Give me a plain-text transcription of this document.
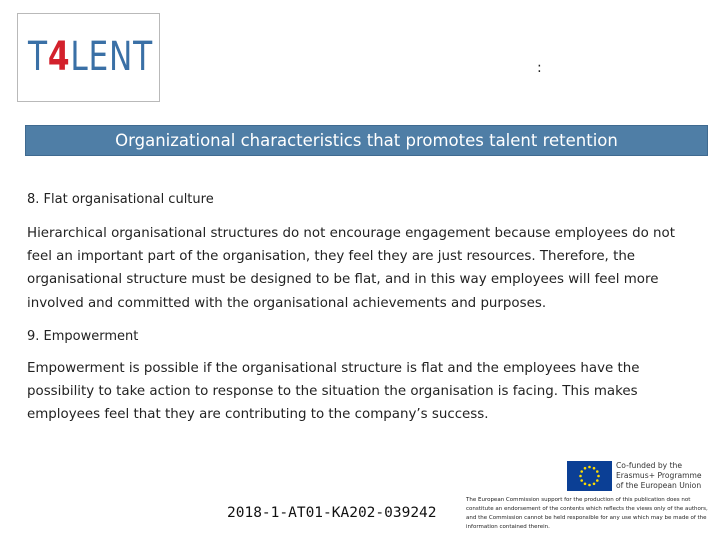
T4LENT	:
Organizational characteristics that promotes talent retention
8. Flat organisational culture
Hierarchical organisational structures do not encourage engagement because employees do not feel an important part of the organisation, they feel they are just resources. Therefore, the organisational structure must be designed to be flat, and in this way employees will feel more involved and committed with the organisational achievements and purposes.
9. Empowerment
Empowerment is possible if the organisational structure is flat and the employees have the possibility to take action to response to the situation the organisation is facing. This makes employees feel that they are contributing to the company’s success.
2018-1-AT01-KA202-039242
Co-funded by the Erasmus+ Programme of the European Union
The European Commission support for the production of this publication does not constitute an endorsement of the contents which reflects the views only of the authors, and the Commission cannot be held responsible for any use which may be made of the information contained therein.
